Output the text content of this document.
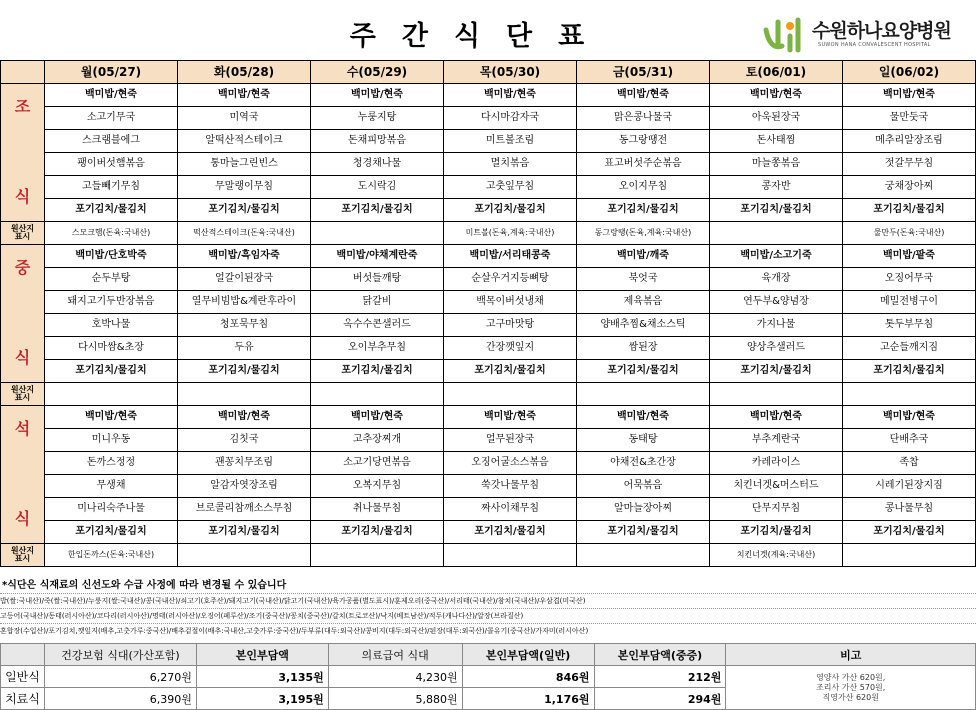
주간식단표	수원하나요양병원
SUWON HANA CONVALESCENT HOSPITAL
	월(05/27)	화(05/28)	수(05/29)	목(05/30)	금(05/31)	토(06/01)	일(06/02)
조

식	백미밥/현죽	백미밥/현죽	백미밥/현죽	백미밥/현죽	백미밥/현죽	백미밥/현죽	백미밥/현죽
	소고기무국	미역국	누룽지탕	다시마감자국	맑은콩나물국	아욱된장국	물만둣국
	스크램블에그	알떡산적스테이크	돈채피망볶음	미트볼조림	동그랑땡전	돈사태찜	메추리알장조림
	팽이버섯햄볶음	통마늘그린빈스	청경채나물	멸치볶음	표고버섯주순볶음	마늘쫑볶음	젓갈무무침
	고들빼기무침	무말랭이무침	도시락김	고춧잎무침	오이지무침	콩자반	궁채장아찌
	포기김치/물김치	포기김치/물김치	포기김치/물김치	포기김치/물김치	포기김치/물김치	포기김치/물김치	포기김치/물김치
원산지
표시	스모크햄(돈육:국내산)	떡산적스테이크(돈육:국내산)		미트볼(돈육,계육:국내산)	동그랑땡(돈육,계육:국내산)		물만두(돈육:국내산)
중

식	백미밥/단호박죽	백미밥/흑임자죽	백미밥/야채계란죽	백미밥/서리태콩죽	백미밥/깨죽	백미밥/소고기죽	백미밥/팥죽
	순두부탕	얼갈이된장국	버섯들깨탕	순살우거지등뼈탕	북엇국	육개장	오징어무국
	돼지고기두반장볶음	열무비빔밥&계란후라이	닭갈비	백목이버섯냉채	제육볶음	연두부&양념장	메밀전병구이
	호박나물	청포묵무침	옥수수콘샐러드	고구마맛탕	양배추찜&채소스틱	가지나물	톳두부무침
	다시마쌈&초장	두유	오이부추무침	간장깻잎지	쌈된장	양상추샐러드	고순들깨지짐
	포기김치/물김치	포기김치/물김치	포기김치/물김치	포기김치/물김치	포기김치/물김치	포기김치/물김치	포기김치/물김치
원산지
표시							
석

식	백미밥/현죽	백미밥/현죽	백미밥/현죽	백미밥/현죽	백미밥/현죽	백미밥/현죽	백미밥/현죽
	미니우동	김칫국	고추장찌개	얼무된장국	동태탕	부추계란국	단배추국
	돈까스정정	괜꽁치무조림	소고기당면볶음	오징어굴소스볶음	야채전&초간장	카레라이스	족찹
	무생채	알감자엿장조림	오복지무침	쑥갓나물무침	어묵볶음	치킨너겟&머스터드	시레기된장지짐
	미나리숙주나물	브로콜리참깨소스무침	취나물무침	짜사이채무침	알마늘장아찌	단무지무침	콩나물무침
	포기김치/물김치	포기김치/물김치	포기김치/물김치	포기김치/물김치	포기김치/물김치	포기김치/물김치	포기김치/물김치
원산지
표시	한입돈까스(돈육:국내산)					치킨너겟(계육:국내산)	
*식단은 식재료의 신선도와 수급 사정에 따라 변경될 수 있습니다
밥(쌀:국내산)/죽(쌀:국내산)/누룽지(쌀:국내산)/콩(국내산)/쇠고기(호주산)/돼지고기(국내산)/닭고기(국내산)/육가공품(별도표시)/훈제오리(중국산)/서리태(국내산)/참치(국내산)/우삼겹(미국산)
고등어(국내산)/동태(러시아산)/코다리(러시아산)/명태(러시아산)/오징어(페루산)/조기(중국산)/꽁치(중국산)/갈치(트로코산)/낙지(베트남산)/적두(캐나다산)/알장(브라질산)
혼합장(수입산)/포기김치,깻잎지(배추,고춧가루:중국산)/배추겉절이(배추:국내산,고춧가루:중국산)/두부류(대두:외국산)/콩비지(대두:외국산)/된장(대두:외국산)/콜유기(중국산)/가자미(러시아산)
	건강보험 식대(가산포함)	본인부담액	의료급여 식대	본인부담액(일반)	본인부담액(중증)	비고
일반식	6,270원	3,135원	4,230원	846원	212원	영양사 가산 620원,
조리사 가산 570원,
직영가산 620원
치료식	6,390원	3,195원	5,880원	1,176원	294원	
